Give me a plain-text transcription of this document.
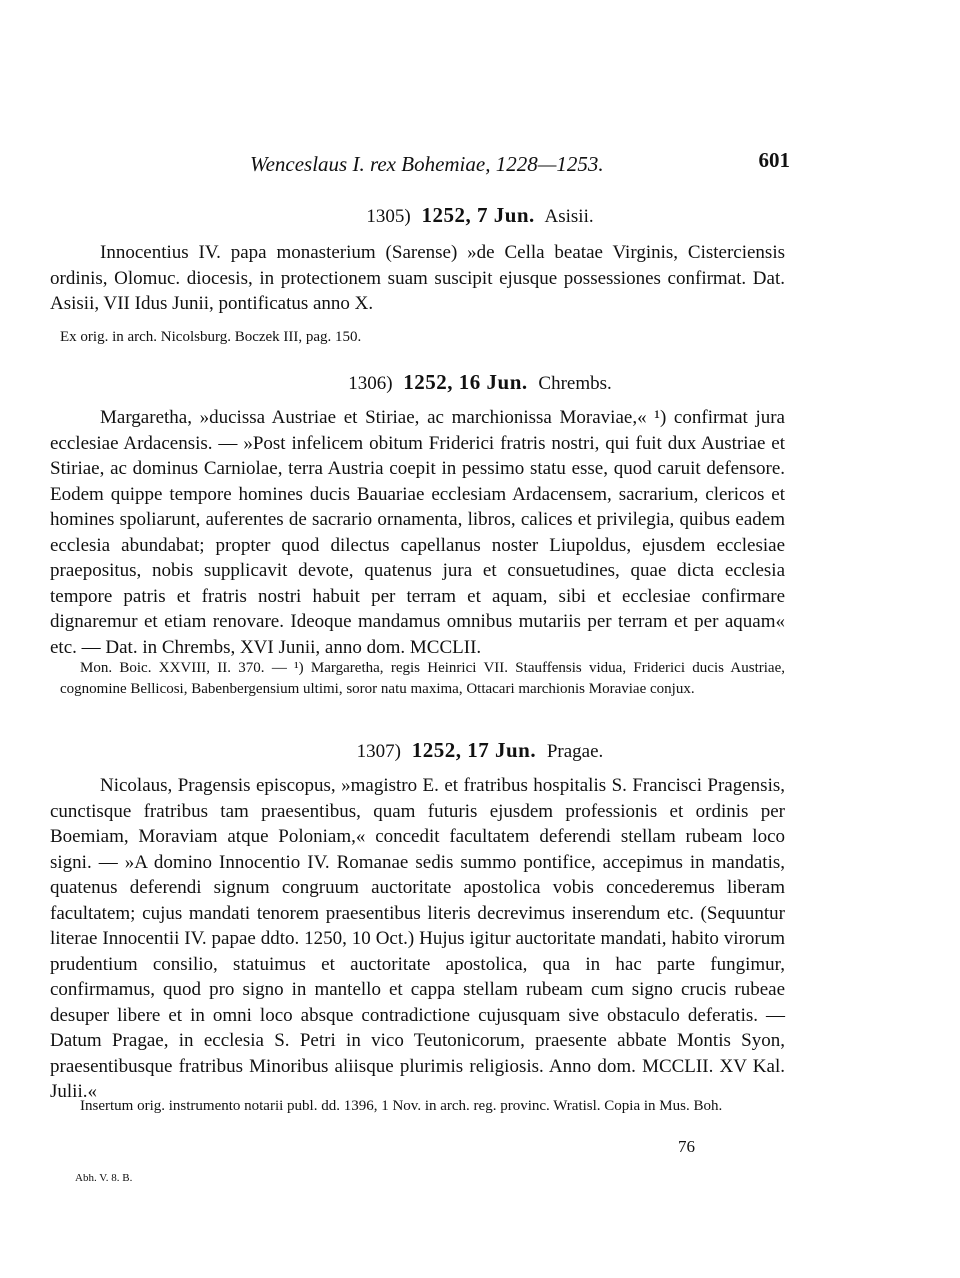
Wenceslaus I. rex Bohemiae, 1228—1253.	601
1305) 1252, 7 Jun. Asisii.

Innocentius IV. papa monasterium (Sarense) »de Cella beatae Virginis, Cisterciensis ordinis, Olomuc. diocesis, in protectionem suam suscipit ejusque possessiones confirmat. Dat. Asisii, VII Idus Junii, pontificatus anno X.

Ex orig. in arch. Nicolsburg. Boczek III, pag. 150.
1306) 1252, 16 Jun. Chrembs.

Margaretha, »ducissa Austriae et Stiriae, ac marchionissa Moraviae,« ¹) confirmat jura ecclesiae Ardacensis. — »Post infelicem obitum Friderici fratris nostri, qui fuit dux Austriae et Stiriae, ac dominus Carniolae, terra Austria coepit in pessimo statu esse, quod caruit defensore. Eodem quippe tempore homines ducis Bauariae ecclesiam Ardacensem, sacrarium, clericos et homines spoliarunt, auferentes de sacrario ornamenta, libros, calices et privilegia, quibus eadem ecclesia abundabat; propter quod dilectus capellanus noster Liupoldus, ejusdem ecclesiae praepositus, nobis supplicavit devote, quatenus jura et consuetudines, quae dicta ecclesia tempore patris et fratris nostri habuit per terram et aquam, sibi et ecclesiae confirmare dignaremur et etiam renovare. Ideoque mandamus omnibus mutariis per terram et per aquam« etc. — Dat. in Chrembs, XVI Junii, anno dom. MCCLII.

Mon. Boic. XXVIII, II. 370. — ¹) Margaretha, regis Heinrici VII. Stauffensis vidua, Friderici ducis Austriae, cognomine Bellicosi, Babenbergensium ultimi, soror natu maxima, Ottacari marchionis Moraviae conjux.
1307) 1252, 17 Jun. Pragae.

Nicolaus, Pragensis episcopus, »magistro E. et fratribus hospitalis S. Francisci Pragensis, cunctisque fratribus tam praesentibus, quam futuris ejusdem professionis et ordinis per Boemiam, Moraviam atque Poloniam,« concedit facultatem deferendi stellam rubeam loco signi. — »A domino Innocentio IV. Romanae sedis summo pontifice, accepimus in mandatis, quatenus deferendi signum congruum auctoritate apostolica vobis concederemus liberam facultatem; cujus mandati tenorem praesentibus literis decrevimus inserendum etc. (Sequuntur literae Innocentii IV. papae ddto. 1250, 10 Oct.) Hujus igitur auctoritate mandati, habito virorum prudentium consilio, statuimus et auctoritate apostolica, qua in hac parte fungimur, confirmamus, quod pro signo in mantello et cappa stellam rubeam cum signo crucis rubeae desuper libere et in omni loco absque contradictione cujusquam sive obstaculo deferatis. — Datum Pragae, in ecclesia S. Petri in vico Teutonicorum, praesente abbate Montis Syon, praesentibusque fratribus Minoribus aliisque plurimis religiosis. Anno dom. MCCLII. XV Kal. Julii.«

Insertum orig. instrumento notarii publ. dd. 1396, 1 Nov. in arch. reg. provinc. Wratisl. Copia in Mus. Boh.
76
Abh. V. 8. B.
